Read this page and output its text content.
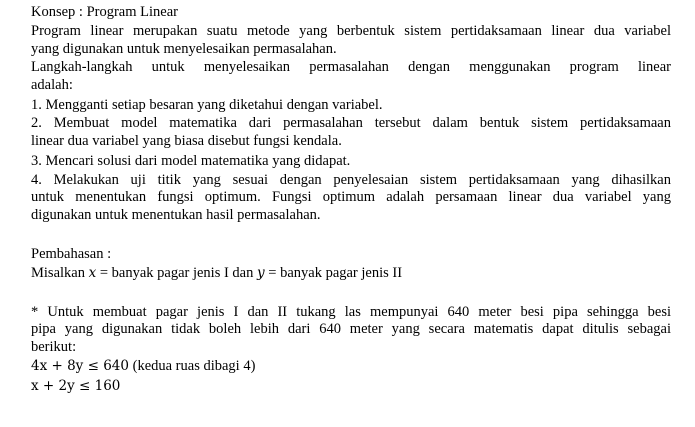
Konsep : Program Linear
Program linear merupakan suatu metode yang berbentuk sistem pertidaksamaan linear dua variabel
yang digunakan untuk menyelesaikan permasalahan.
Langkah-langkah untuk menyelesaikan permasalahan dengan menggunakan program linear
adalah:
1. Mengganti setiap besaran yang diketahui dengan variabel.
2. Membuat model matematika dari permasalahan tersebut dalam bentuk sistem pertidaksamaan
linear dua variabel yang biasa disebut fungsi kendala.
3. Mencari solusi dari model matematika yang didapat.
4. Melakukan uji titik yang sesuai dengan penyelesaian sistem pertidaksamaan yang dihasilkan
untuk menentukan fungsi optimum. Fungsi optimum adalah persamaan linear dua variabel yang
digunakan untuk menentukan hasil permasalahan.
Pembahasan :
Misalkan x = banyak pagar jenis I dan y = banyak pagar jenis II
* Untuk membuat pagar jenis I dan II tukang las mempunyai 640 meter besi pipa sehingga besi
pipa yang digunakan tidak boleh lebih dari 640 meter yang secara matematis dapat ditulis sebagai
berikut:
4x + 8y ≤ 640 (kedua ruas dibagi 4)
x + 2y ≤ 160
